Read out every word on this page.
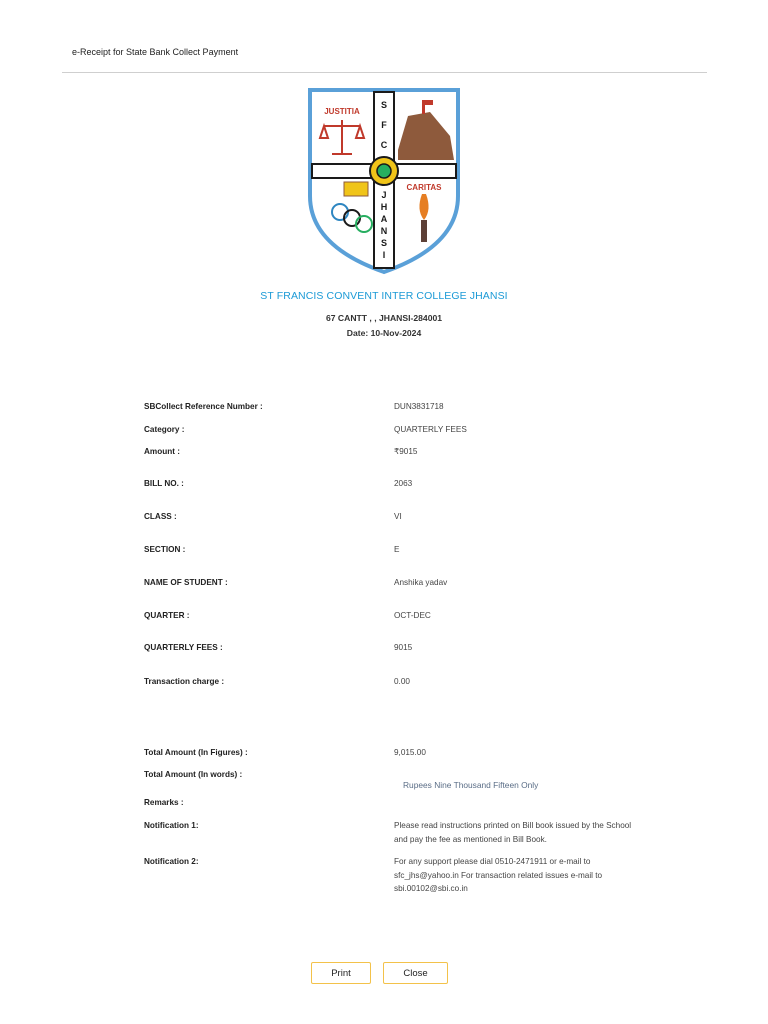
e-Receipt for State Bank Collect Payment
JUSTITIA
S
F
C
J
H
A
N
S
I
CARITAS
ST FRANCIS CONVENT INTER COLLEGE JHANSI
67 CANTT , , JHANSI-284001
Date: 10-Nov-2024
SBCollect Reference Number :	DUN3831718
Category :	QUARTERLY FEES
Amount :	₹9015
BILL NO. :	2063
CLASS :	VI
SECTION :	E
NAME OF STUDENT :	Anshika yadav
QUARTER :	OCT-DEC
QUARTERLY FEES :	9015
Transaction charge :	0.00
Total Amount (In Figures) :	9,015.00
Total Amount (In words) :
Rupees Nine Thousand Fifteen Only
Remarks :
Notification 1:	Please read instructions printed on Bill book issued by the School and pay the fee as mentioned in Bill Book.
Notification 2:	For any support please dial 0510-2471911 or e-mail to sfc_jhs@yahoo.in For transaction related issues e-mail to sbi.00102@sbi.co.in
Print	Close
